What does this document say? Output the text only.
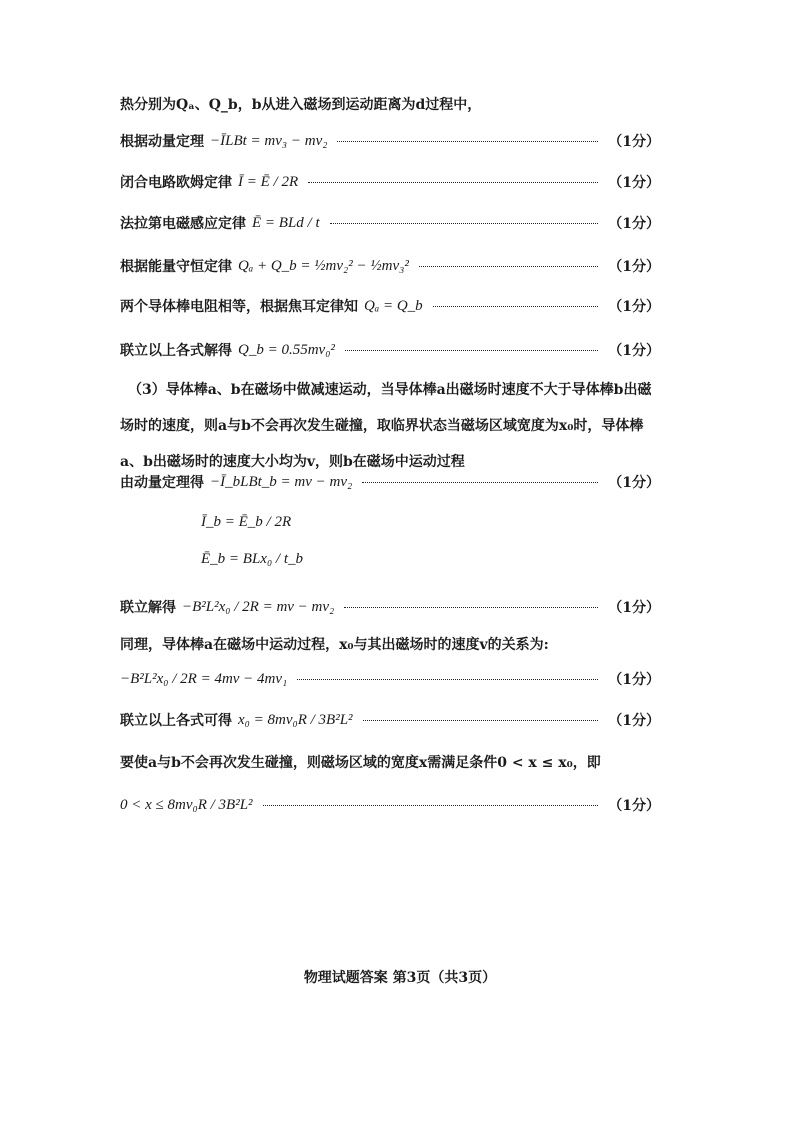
热分别为Qₐ、Q_b，b从进入磁场到运动距离为d过程中，
根据动量定理 −ĪLBt = mv₃ − mv₂	（1分）
闭合电路欧姆定律 Ī = Ē / 2R	（1分）
法拉第电磁感应定律 Ē = BLd / t	（1分）
根据能量守恒定律 Qₐ + Q_b = ½mv₂² − ½mv₃²	（1分）
两个导体棒电阻相等，根据焦耳定律知 Qₐ = Q_b	（1分）
联立以上各式解得 Q_b = 0.55mv₀²	（1分）
（3）导体棒a、b在磁场中做减速运动，当导体棒a出磁场时速度不大于导体棒b出磁场时的速度，则a与b不会再次发生碰撞，取临界状态当磁场区域宽度为x₀时，导体棒a、b出磁场时的速度大小均为v，则b在磁场中运动过程
由动量定理得 −Ī_bLBt_b = mv − mv₂	（1分）
Ī_b = Ē_b / 2R
Ē_b = BLx₀ / t_b
联立解得 −B²L²x₀ / 2R = mv − mv₂	（1分）
同理，导体棒a在磁场中运动过程，x₀与其出磁场时的速度v的关系为:
−B²L²x₀ / 2R = 4mv − 4mv₁	（1分）
联立以上各式可得 x₀ = 8mv₀R / 3B²L²	（1分）
要使a与b不会再次发生碰撞，则磁场区域的宽度x需满足条件0 < x ≤ x₀，即
0 < x ≤ 8mv₀R / 3B²L²	（1分）
物理试题答案 第3页（共3页）
